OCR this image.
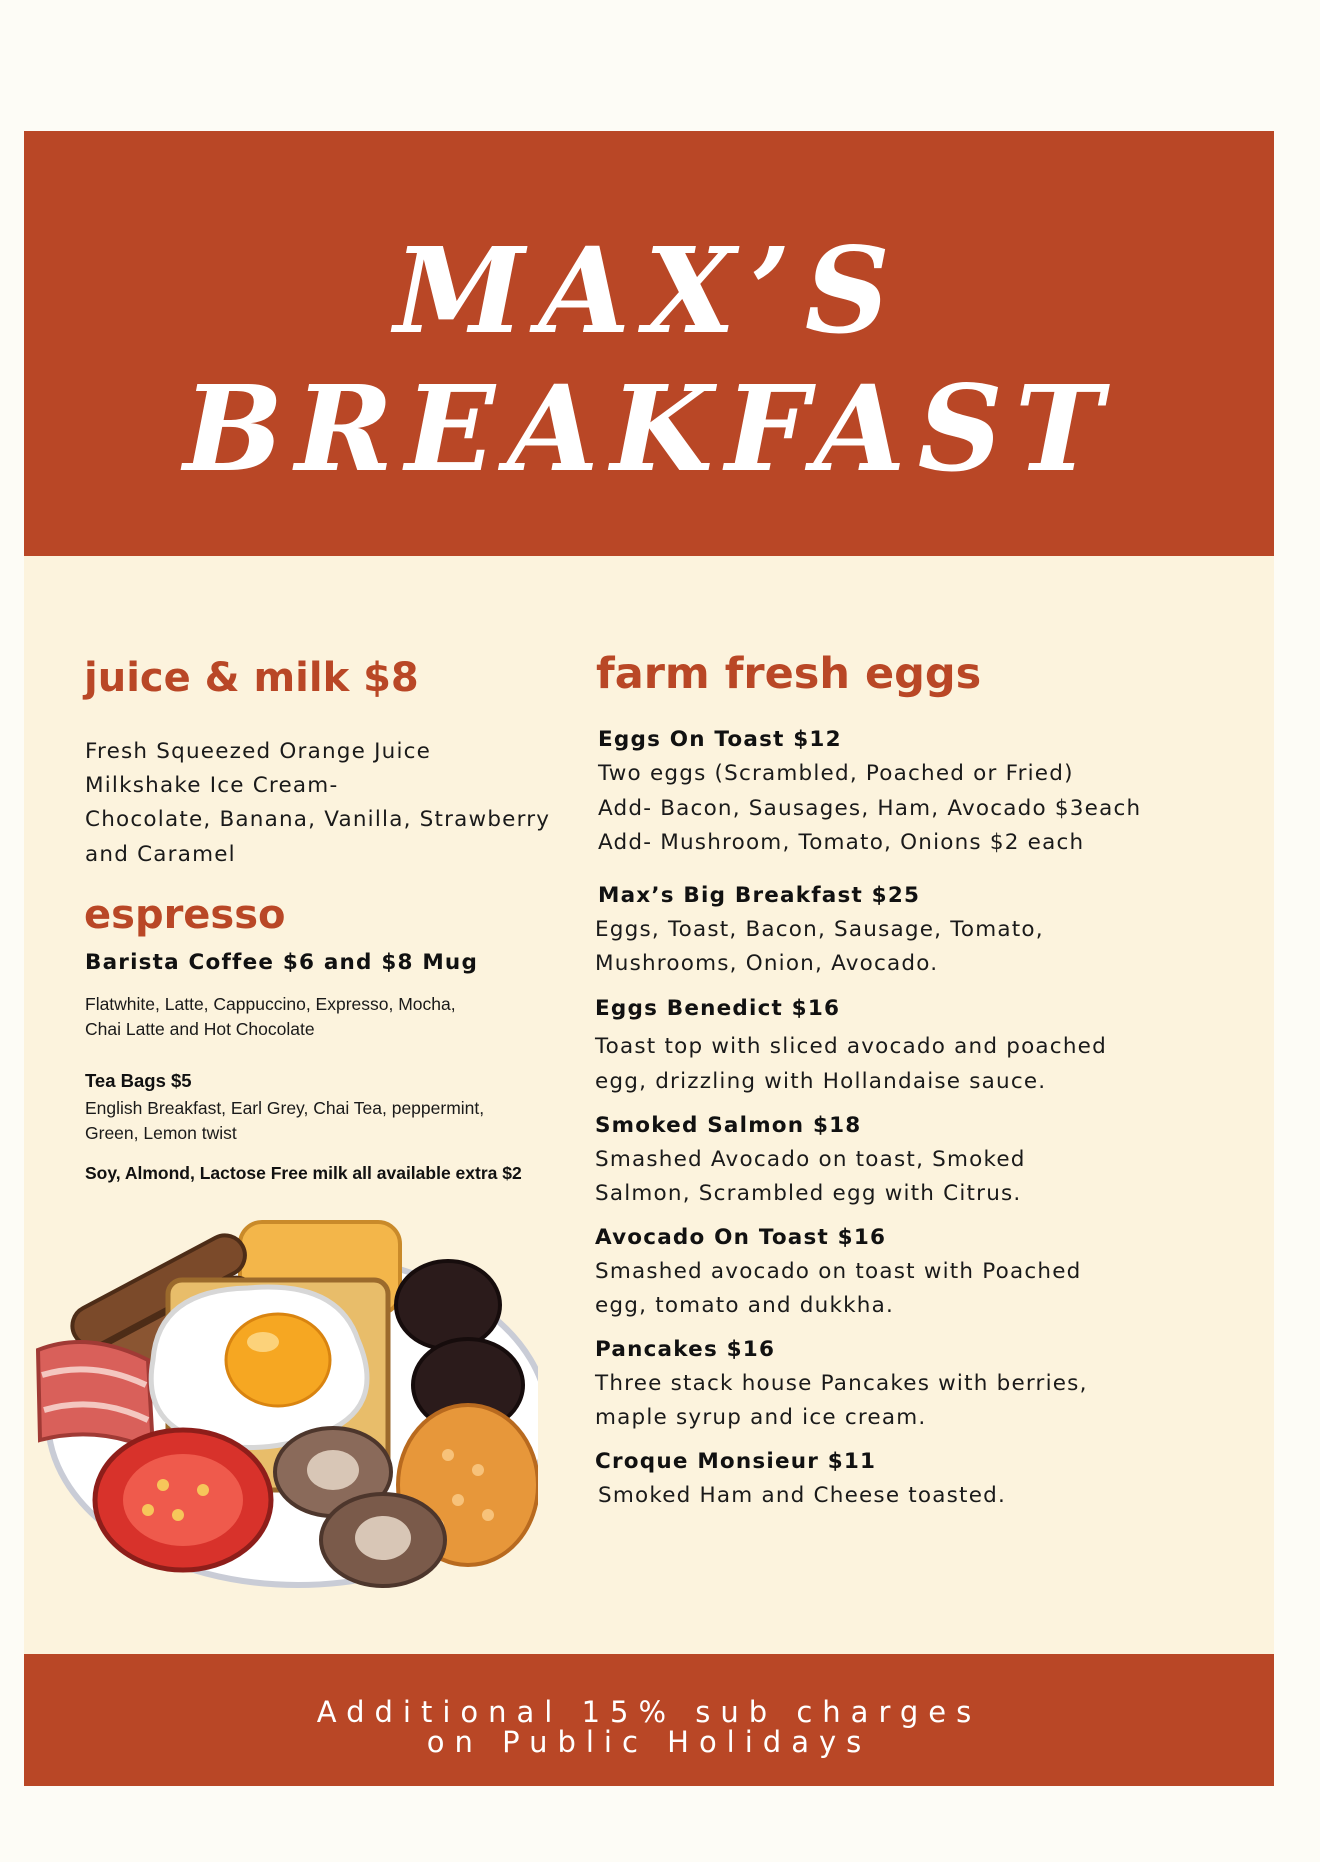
MAX’S
BREAKFAST
juice & milk $8

Fresh Squeezed Orange Juice

Milkshake Ice Cream-

Chocolate, Banana, Vanilla, Strawberry

and Caramel

espresso

Barista Coffee $6 and $8 Mug

Flatwhite, Latte, Cappuccino, Expresso, Mocha,

Chai Latte and Hot Chocolate

Tea Bags $5

English Breakfast, Earl Grey, Chai Tea, peppermint,

Green, Lemon twist

Soy, Almond, Lactose Free milk all available extra $2

farm fresh eggs

Eggs On Toast $12

Two eggs (Scrambled, Poached or Fried)

Add- Bacon, Sausages, Ham, Avocado $3each

Add- Mushroom, Tomato, Onions $2 each

Max’s Big Breakfast $25

Eggs, Toast, Bacon, Sausage, Tomato,

Mushrooms, Onion, Avocado.

Eggs Benedict $16

Toast top with sliced avocado and poached

egg, drizzling with Hollandaise sauce.

Smoked Salmon $18

Smashed Avocado on toast, Smoked

Salmon, Scrambled egg with Citrus.

Avocado On Toast $16

Smashed avocado on toast with Poached

egg, tomato and dukkha.

Pancakes $16

Three stack house Pancakes with berries,

maple syrup and ice cream.

Croque Monsieur $11

Smoked Ham and Cheese toasted.

Additional 15% sub charges

on Public Holidays
